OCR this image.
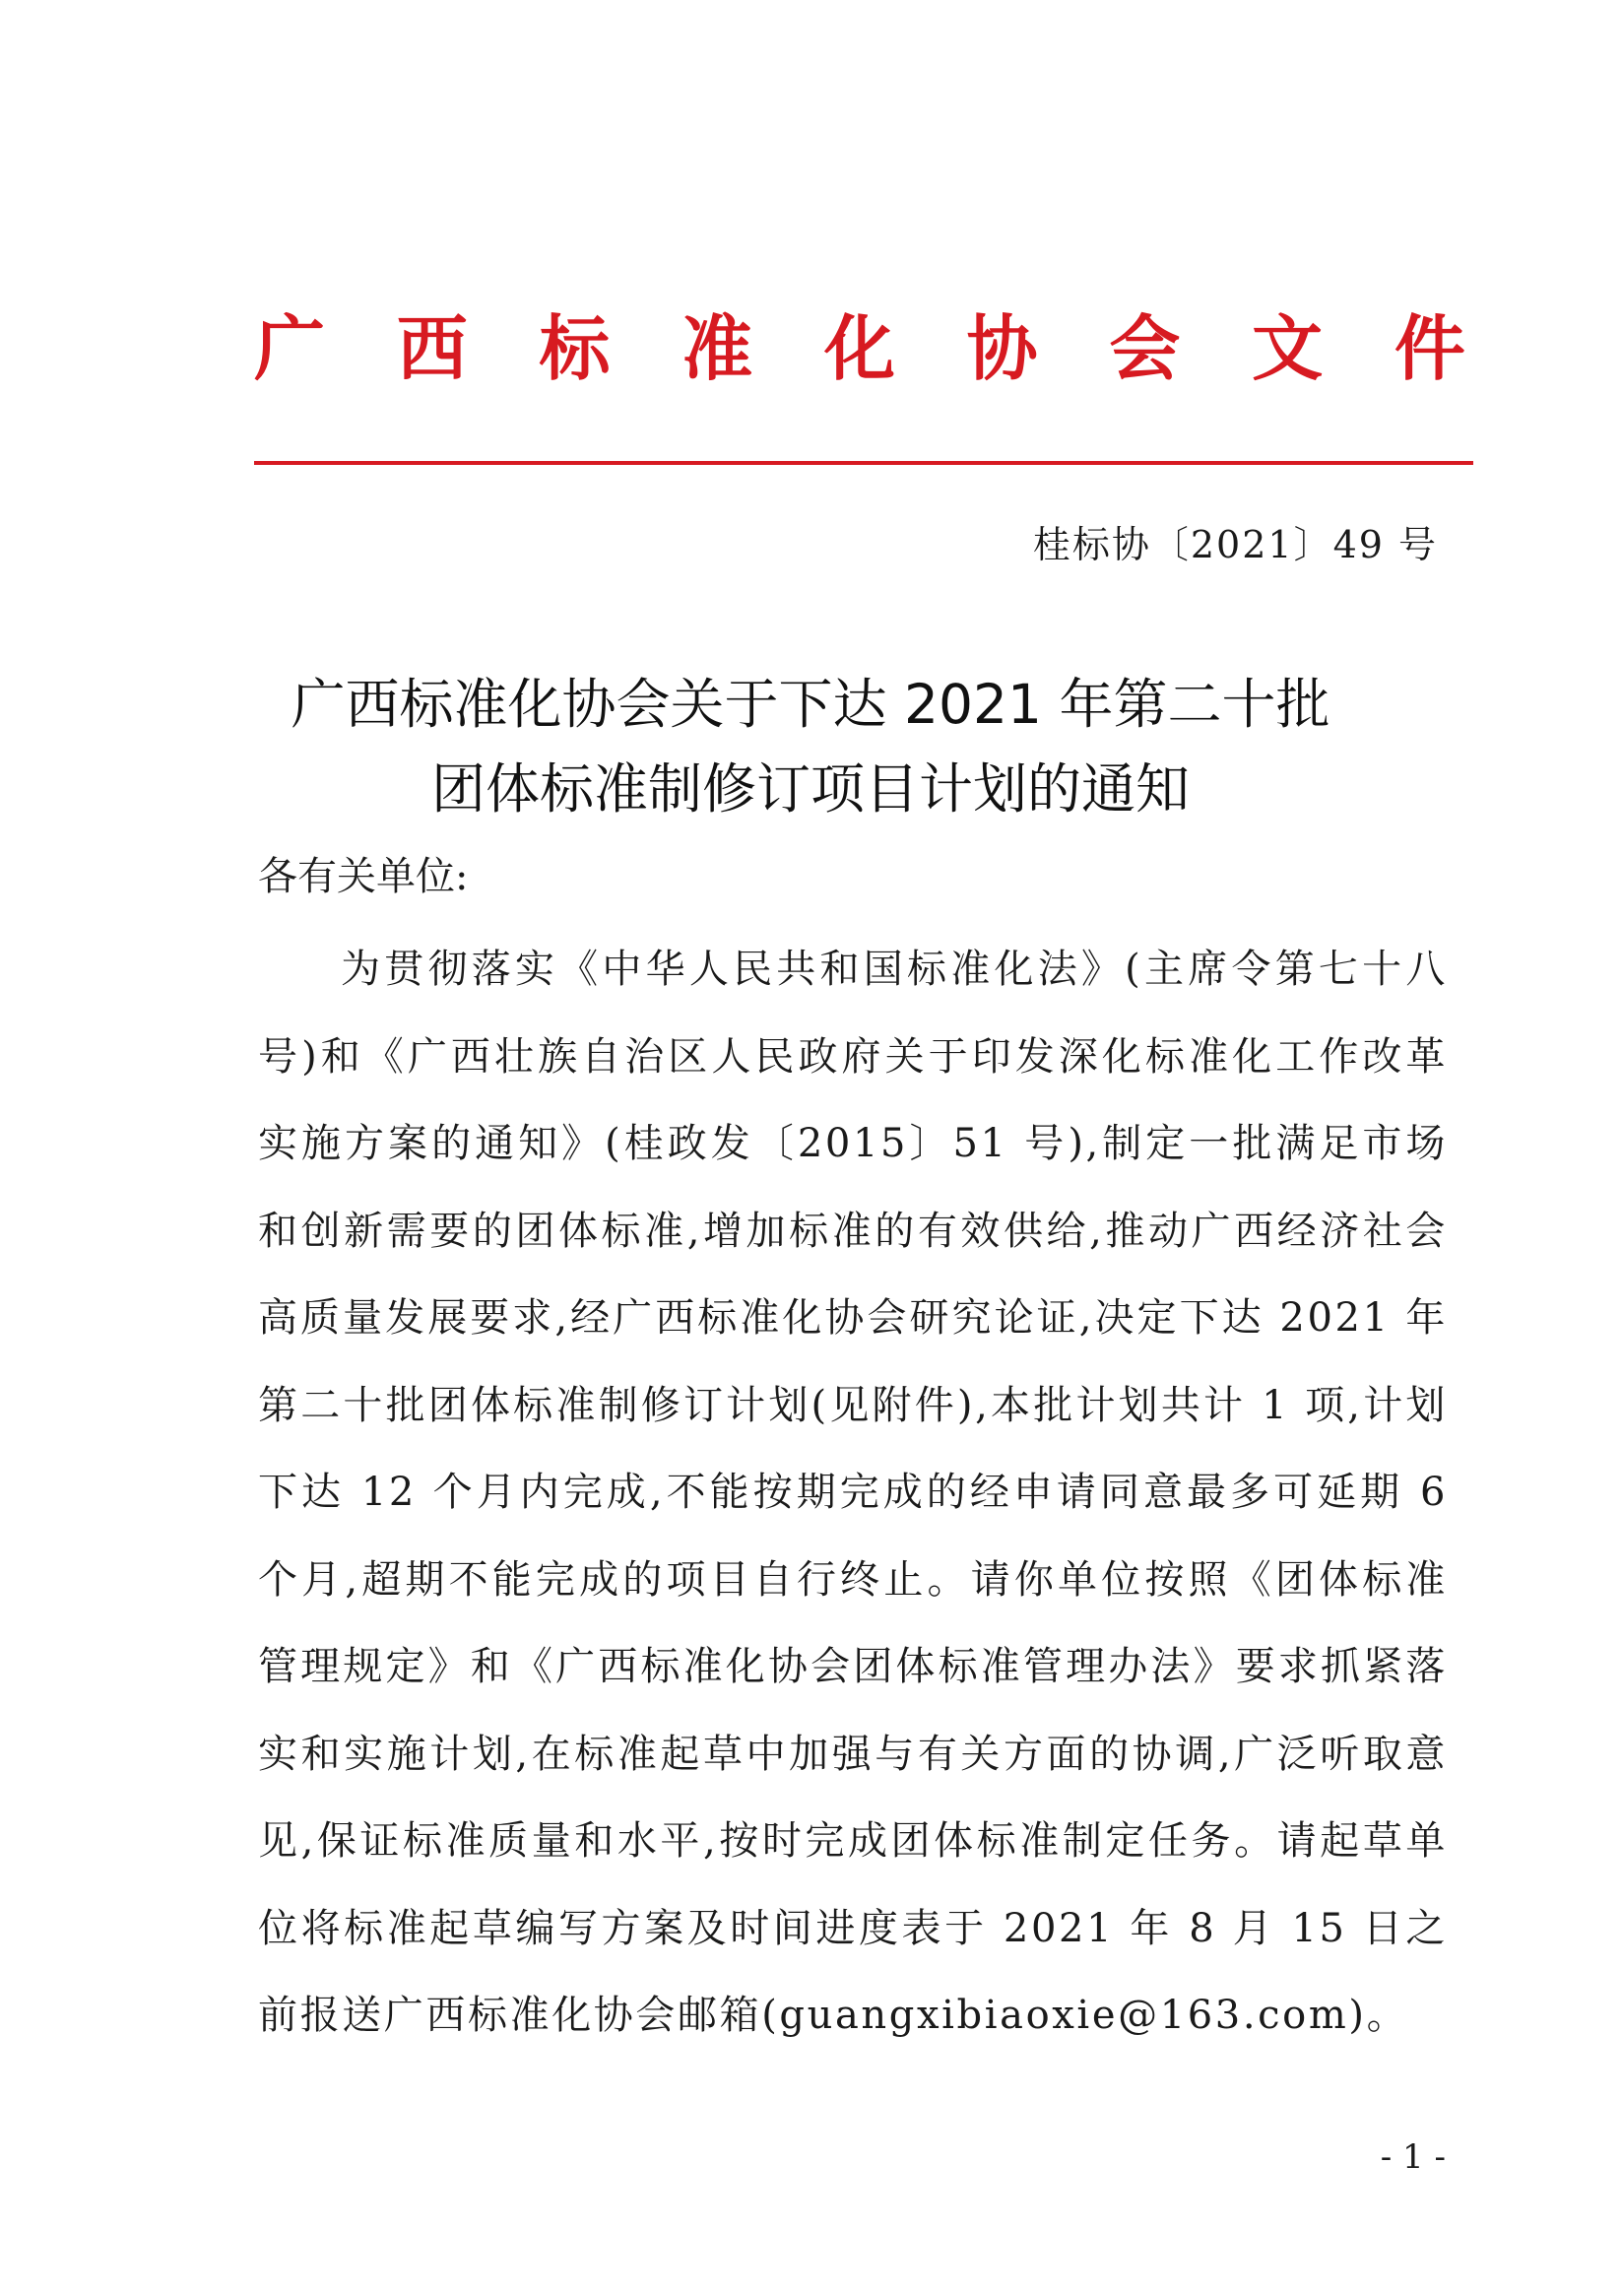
广 西 标 准 化 协 会 文 件
桂标协〔2021〕49 号
广西标准化协会关于下达 2021 年第二十批
团体标准制修订项目计划的通知
各有关单位:

为贯彻落实《中华人民共和国标准化法》(主席令第七十八号)和《广西壮族自治区人民政府关于印发深化标准化工作改革实施方案的通知》(桂政发〔2015〕51 号),制定一批满足市场和创新需要的团体标准,增加标准的有效供给,推动广西经济社会高质量发展要求,经广西标准化协会研究论证,决定下达 2021 年第二十批团体标准制修订计划(见附件),本批计划共计 1 项,计划下达 12 个月内完成,不能按期完成的经申请同意最多可延期 6 个月,超期不能完成的项目自行终止。请你单位按照《团体标准管理规定》和《广西标准化协会团体标准管理办法》要求抓紧落实和实施计划,在标准起草中加强与有关方面的协调,广泛听取意见,保证标准质量和水平,按时完成团体标准制定任务。请起草单位将标准起草编写方案及时间进度表于 2021 年 8 月 15 日之前报送广西标准化协会邮箱(guangxibiaoxie@163.com)。

- 1 -
